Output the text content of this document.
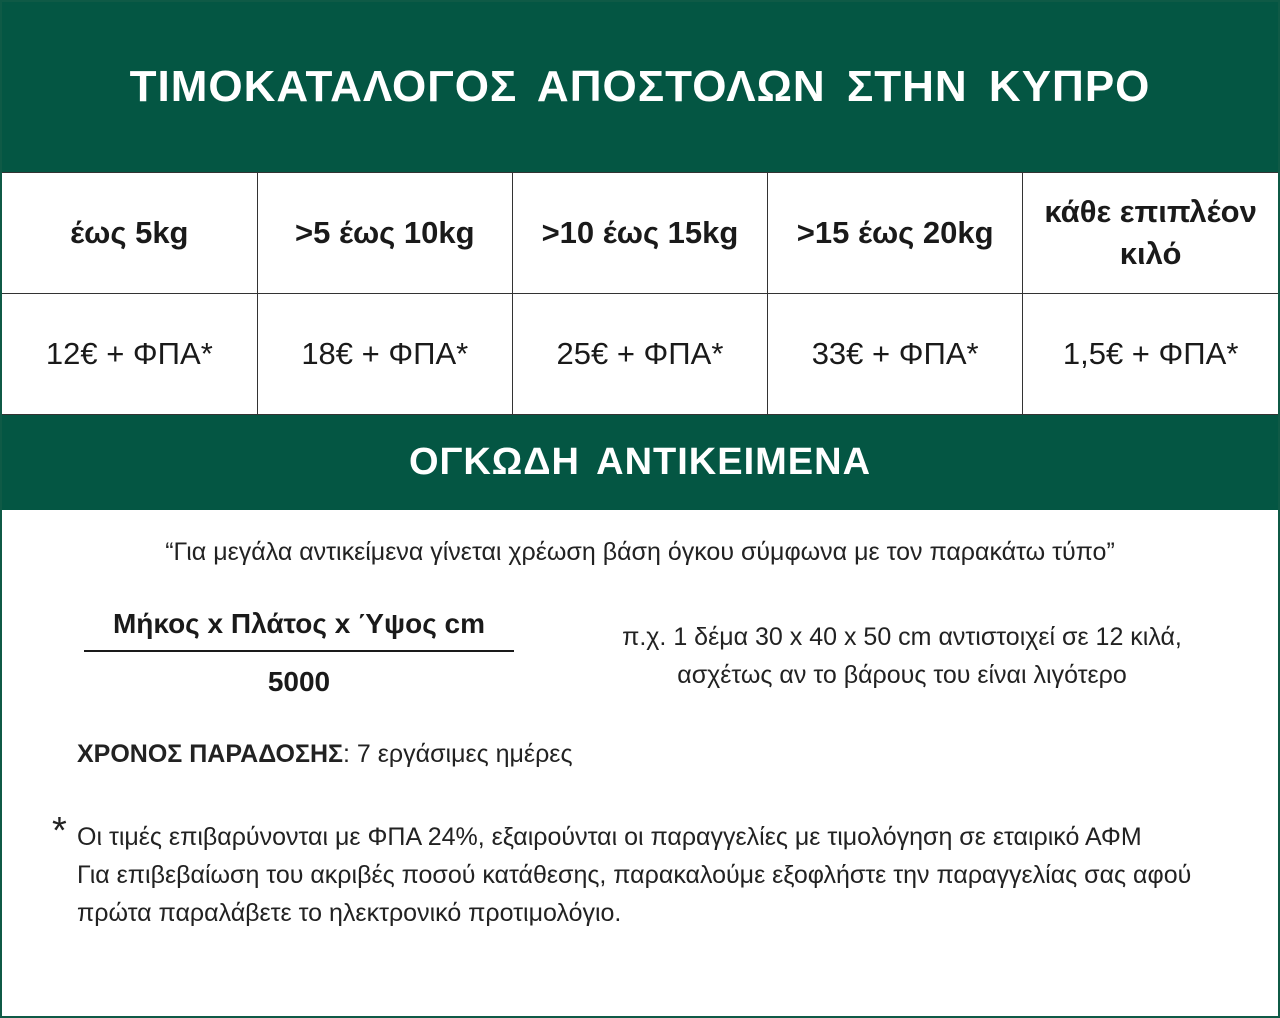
ΤΙΜΟΚΑΤΑΛΟΓΟΣ ΑΠΟΣΤΟΛΩΝ ΣΤΗΝ ΚΥΠΡΟ
έως 5kg	>5 έως 10kg	>10 έως 15kg	>15 έως 20kg	κάθε επιπλέον κιλό
12€ + ΦΠΑ*	18€ + ΦΠΑ*	25€ + ΦΠΑ*	33€ + ΦΠΑ*	1,5€ + ΦΠΑ*
ΟΓΚΩΔΗ ΑΝΤΙΚΕΙΜΕΝΑ
“Για μεγάλα αντικείμενα γίνεται χρέωση βάση όγκου σύμφωνα με τον παρακάτω τύπο”
Μήκος x Πλάτος x Ύψος cm
5000
π.χ. 1 δέμα 30 x 40 x 50 cm αντιστοιχεί σε 12 κιλά,
ασχέτως αν το βάρους του είναι λιγότερο
ΧΡΟΝΟΣ ΠΑΡΑΔΟΣΗΣ: 7 εργάσιμες ημέρες
* Οι τιμές επιβαρύνονται με ΦΠΑ 24%, εξαιρούνται οι παραγγελίες με τιμολόγηση σε εταιρικό ΑΦΜ
Για επιβεβαίωση του ακριβές ποσού κατάθεσης, παρακαλούμε εξοφλήστε την παραγγελίας σας αφού πρώτα παραλάβετε το ηλεκτρονικό προτιμολόγιο.
